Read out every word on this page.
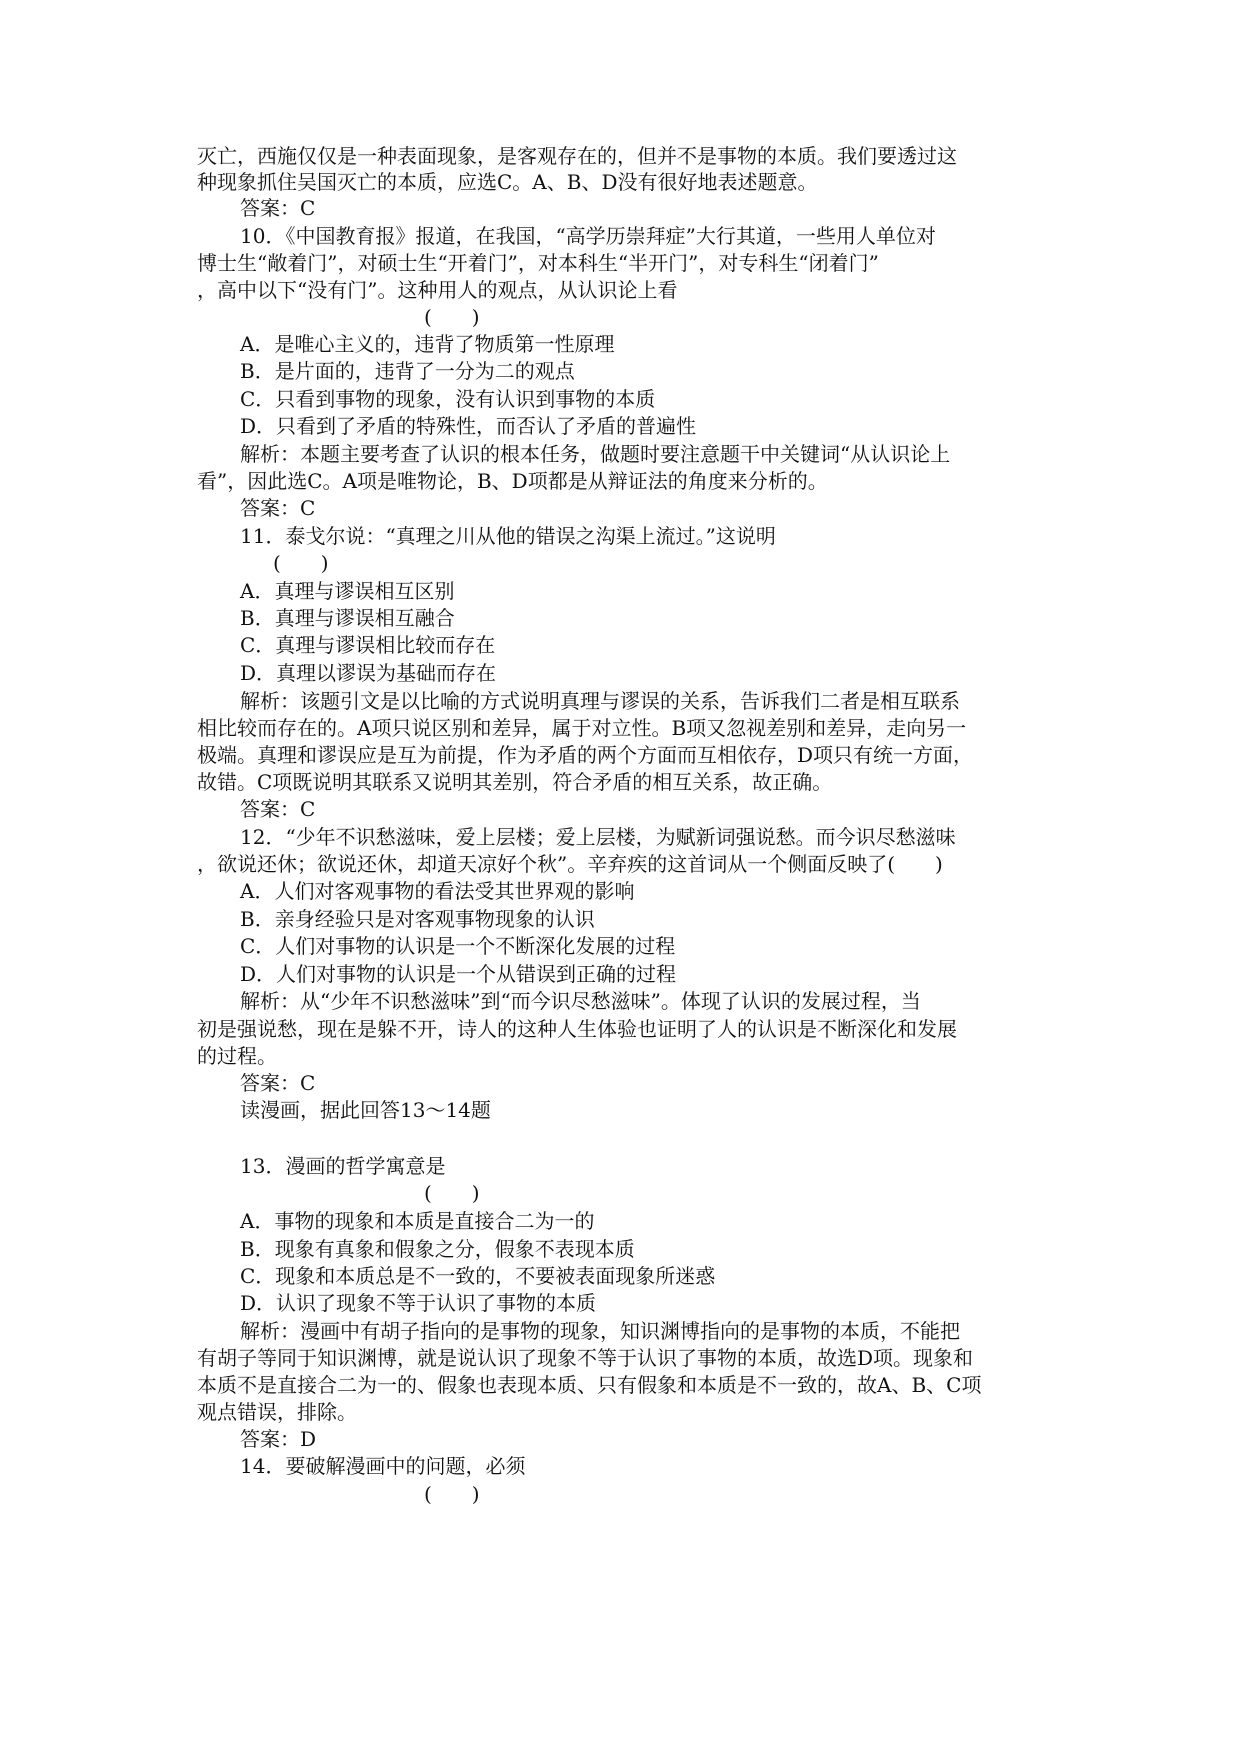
灭亡，西施仅仅是一种表面现象，是客观存在的，但并不是事物的本质。我们要透过这
种现象抓住吴国灭亡的本质，应选C。A、B、D没有很好地表述题意。
答案：C
10．《中国教育报》报道，在我国，“高学历崇拜症”大行其道，一些用人单位对
博士生“敞着门”，对硕士生“开着门”，对本科生“半开门”，对专科生“闭着门”
，高中以下“没有门”。这种用人的观点，从认识论上看
(　　)
A．是唯心主义的，违背了物质第一性原理
B．是片面的，违背了一分为二的观点
C．只看到事物的现象，没有认识到事物的本质
D．只看到了矛盾的特殊性，而否认了矛盾的普遍性
解析：本题主要考查了认识的根本任务，做题时要注意题干中关键词“从认识论上
看”，因此选C。A项是唯物论，B、D项都是从辩证法的角度来分析的。
答案：C
11．泰戈尔说：“真理之川从他的错误之沟渠上流过。”这说明
(　　)
A．真理与谬误相互区别
B．真理与谬误相互融合
C．真理与谬误相比较而存在
D．真理以谬误为基础而存在
解析：该题引文是以比喻的方式说明真理与谬误的关系，告诉我们二者是相互联系
相比较而存在的。A项只说区别和差异，属于对立性。B项又忽视差别和差异，走向另一
极端。真理和谬误应是互为前提，作为矛盾的两个方面而互相依存，D项只有统一方面，
故错。C项既说明其联系又说明其差别，符合矛盾的相互关系，故正确。
答案：C
12．“少年不识愁滋味，爱上层楼；爱上层楼，为赋新词强说愁。而今识尽愁滋味
，欲说还休；欲说还休，却道天凉好个秋”。辛弃疾的这首词从一个侧面反映了(　　)
A．人们对客观事物的看法受其世界观的影响
B．亲身经验只是对客观事物现象的认识
C．人们对事物的认识是一个不断深化发展的过程
D．人们对事物的认识是一个从错误到正确的过程
解析：从“少年不识愁滋味”到“而今识尽愁滋味”。体现了认识的发展过程，当
初是强说愁，现在是躲不开，诗人的这种人生体验也证明了人的认识是不断深化和发展
的过程。
答案：C
读漫画，据此回答13～14题
13．漫画的哲学寓意是
(　　)
A．事物的现象和本质是直接合二为一的
B．现象有真象和假象之分，假象不表现本质
C．现象和本质总是不一致的，不要被表面现象所迷惑
D．认识了现象不等于认识了事物的本质
解析：漫画中有胡子指向的是事物的现象，知识渊博指向的是事物的本质，不能把
有胡子等同于知识渊博，就是说认识了现象不等于认识了事物的本质，故选D项。现象和
本质不是直接合二为一的、假象也表现本质、只有假象和本质是不一致的，故A、B、C项
观点错误，排除。
答案：D
14．要破解漫画中的问题，必须
(　　)
